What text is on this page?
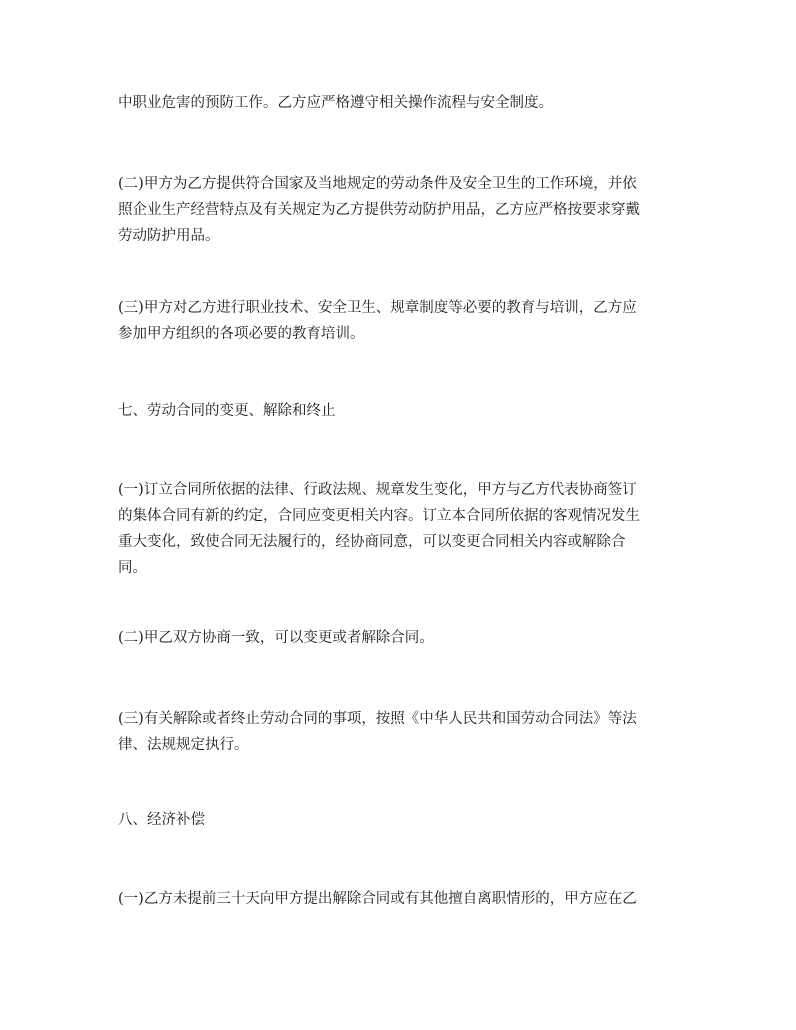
中职业危害的预防工作。乙方应严格遵守相关操作流程与安全制度。

(二)甲方为乙方提供符合国家及当地规定的劳动条件及安全卫生的工作环境，并依
照企业生产经营特点及有关规定为乙方提供劳动防护用品，乙方应严格按要求穿戴
劳动防护用品。

(三)甲方对乙方进行职业技术、安全卫生、规章制度等必要的教育与培训，乙方应
参加甲方组织的各项必要的教育培训。

七、劳动合同的变更、解除和终止

(一)订立合同所依据的法律、行政法规、规章发生变化，甲方与乙方代表协商签订
的集体合同有新的约定，合同应变更相关内容。订立本合同所依据的客观情况发生
重大变化，致使合同无法履行的，经协商同意，可以变更合同相关内容或解除合
同。

(二)甲乙双方协商一致，可以变更或者解除合同。

(三)有关解除或者终止劳动合同的事项，按照《中华人民共和国劳动合同法》等法
律、法规规定执行。

八、经济补偿

(一)乙方未提前三十天向甲方提出解除合同或有其他擅自离职情形的，甲方应在乙
